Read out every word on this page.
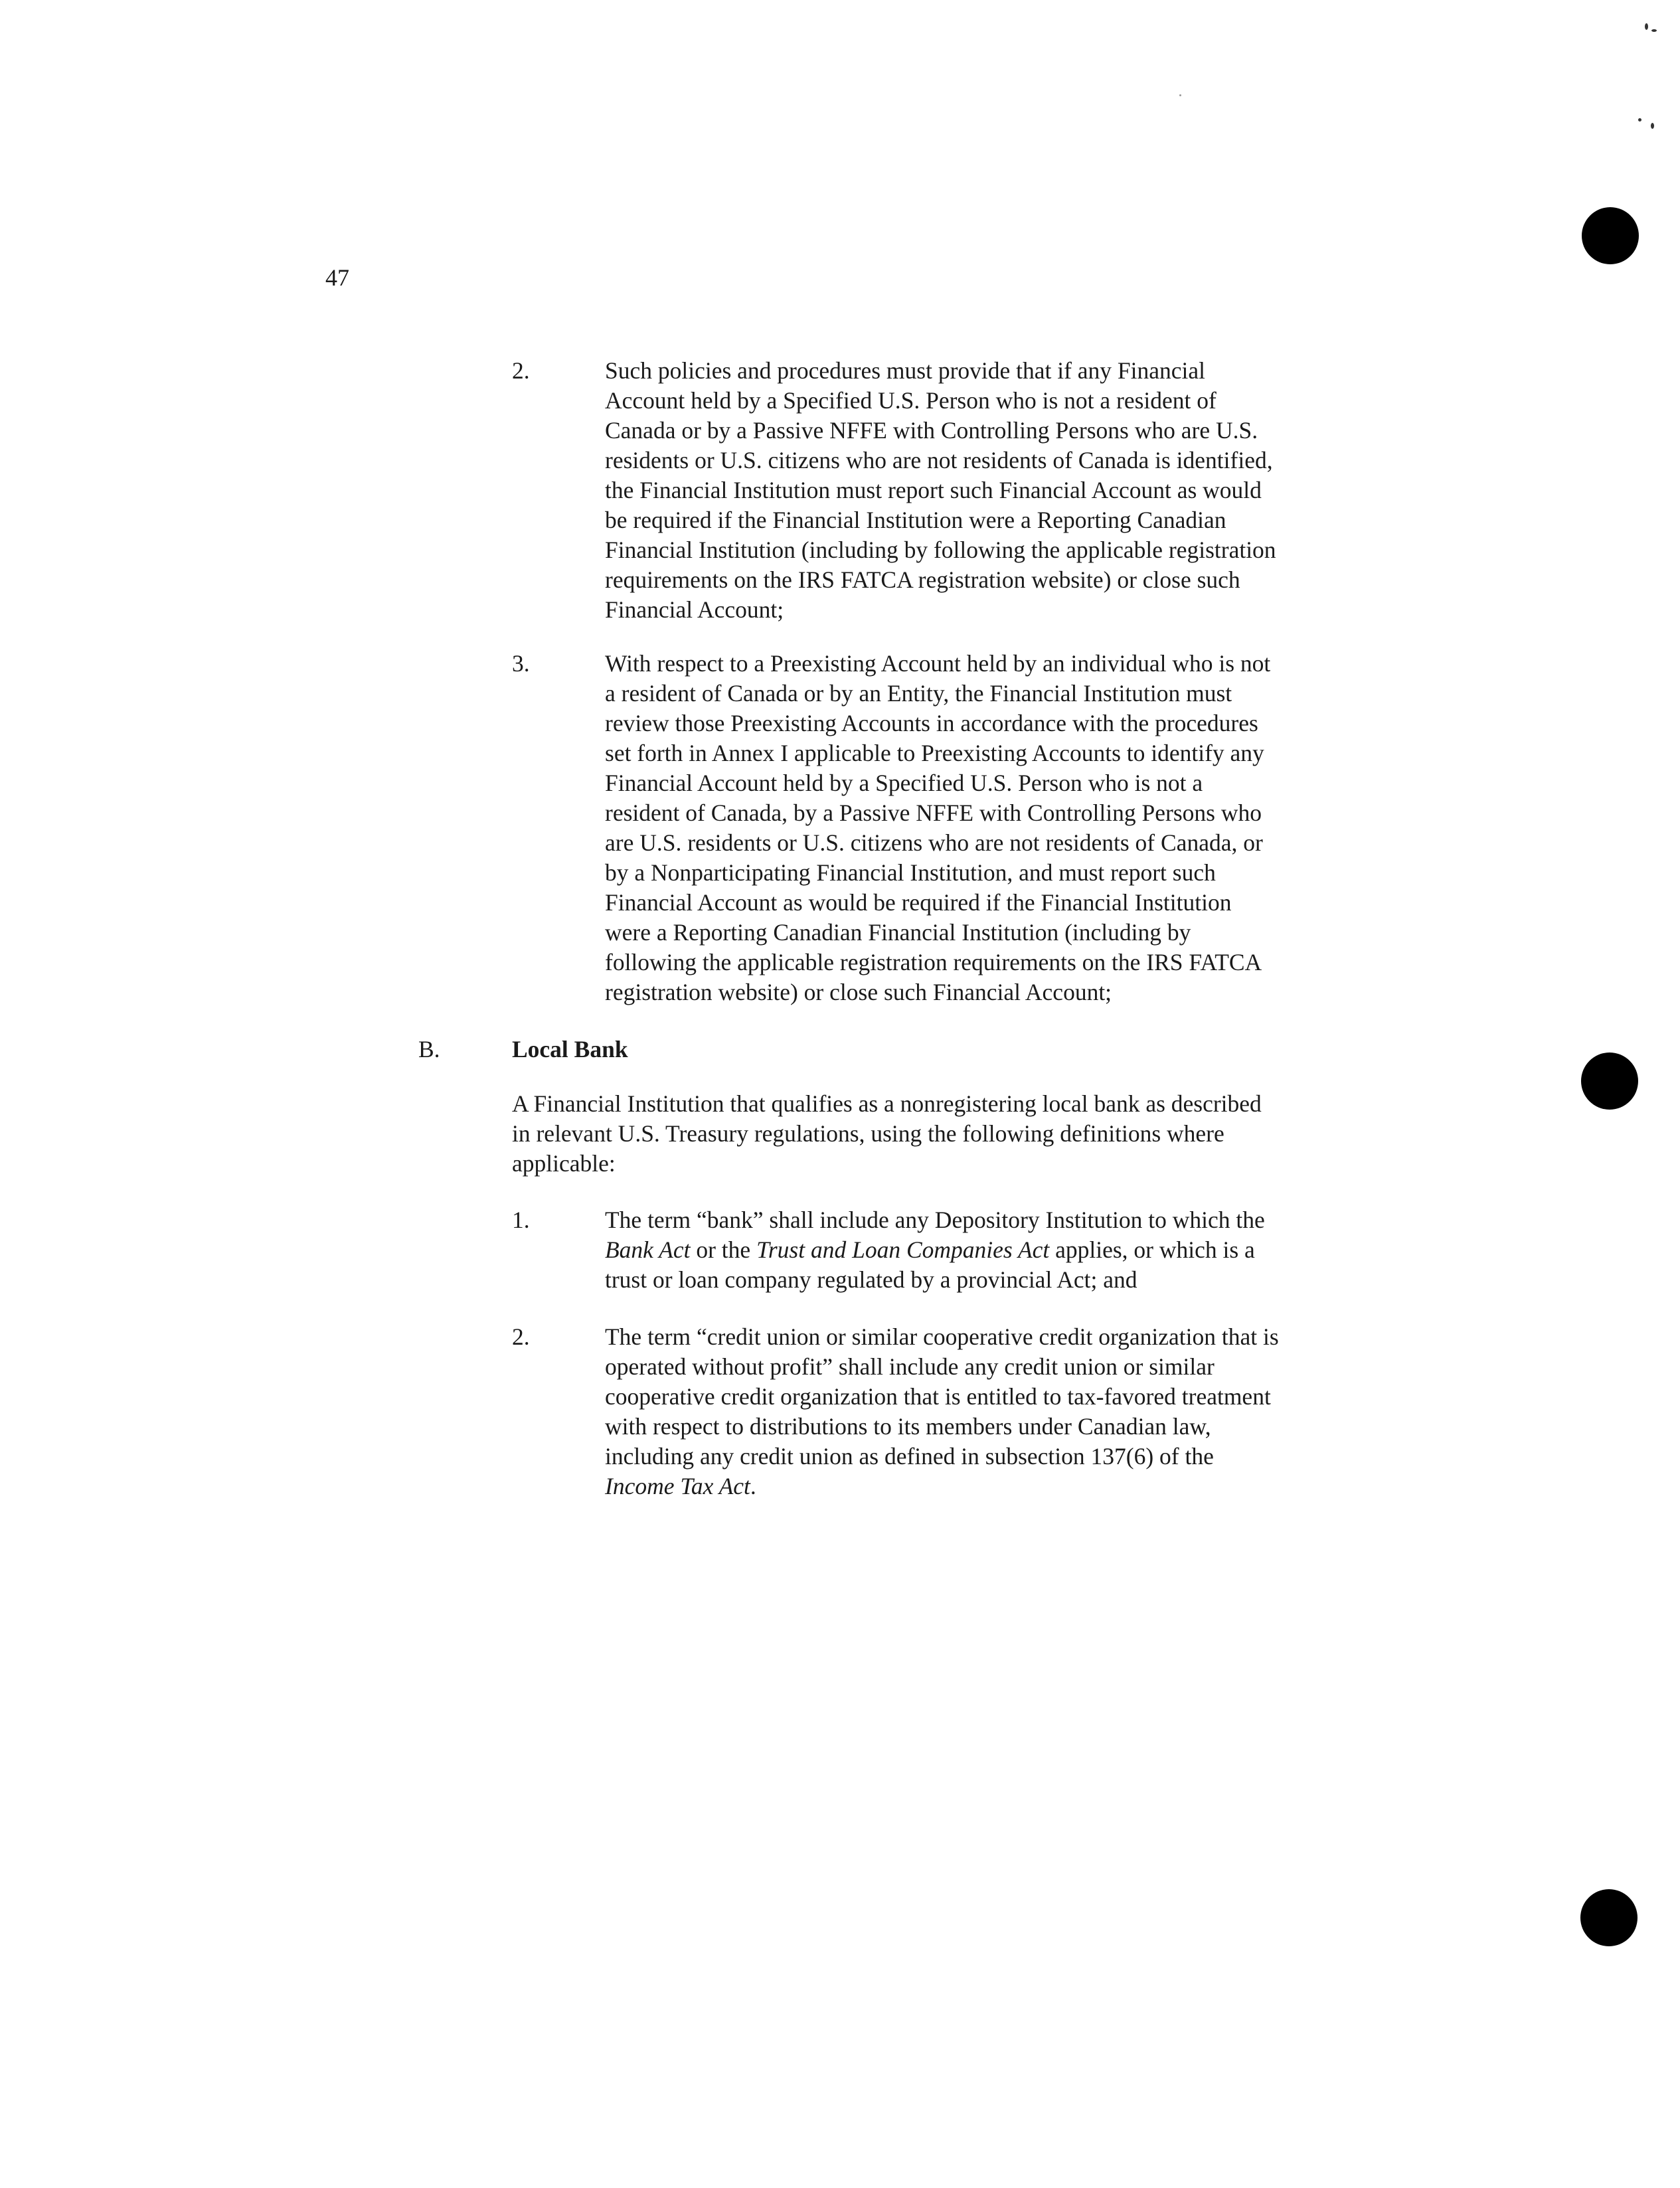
47
2.	Such policies and procedures must provide that if any Financial
Account held by a Specified U.S. Person who is not a resident of
Canada or by a Passive NFFE with Controlling Persons who are U.S.
residents or U.S. citizens who are not residents of Canada is identified,
the Financial Institution must report such Financial Account as would
be required if the Financial Institution were a Reporting Canadian
Financial Institution (including by following the applicable registration
requirements on the IRS FATCA registration website) or close such
Financial Account;
3.	With respect to a Preexisting Account held by an individual who is not
a resident of Canada or by an Entity, the Financial Institution must
review those Preexisting Accounts in accordance with the procedures
set forth in Annex I applicable to Preexisting Accounts to identify any
Financial Account held by a Specified U.S. Person who is not a
resident of Canada, by a Passive NFFE with Controlling Persons who
are U.S. residents or U.S. citizens who are not residents of Canada, or
by a Nonparticipating Financial Institution, and must report such
Financial Account as would be required if the Financial Institution
were a Reporting Canadian Financial Institution (including by
following the applicable registration requirements on the IRS FATCA
registration website) or close such Financial Account;
B.	Local Bank
A Financial Institution that qualifies as a nonregistering local bank as described
in relevant U.S. Treasury regulations, using the following definitions where
applicable:
1.	The term “bank” shall include any Depository Institution to which the
Bank Act or the Trust and Loan Companies Act applies, or which is a
trust or loan company regulated by a provincial Act; and
2.	The term “credit union or similar cooperative credit organization that is
operated without profit” shall include any credit union or similar
cooperative credit organization that is entitled to tax-favored treatment
with respect to distributions to its members under Canadian law,
including any credit union as defined in subsection 137(6) of the
Income Tax Act.
